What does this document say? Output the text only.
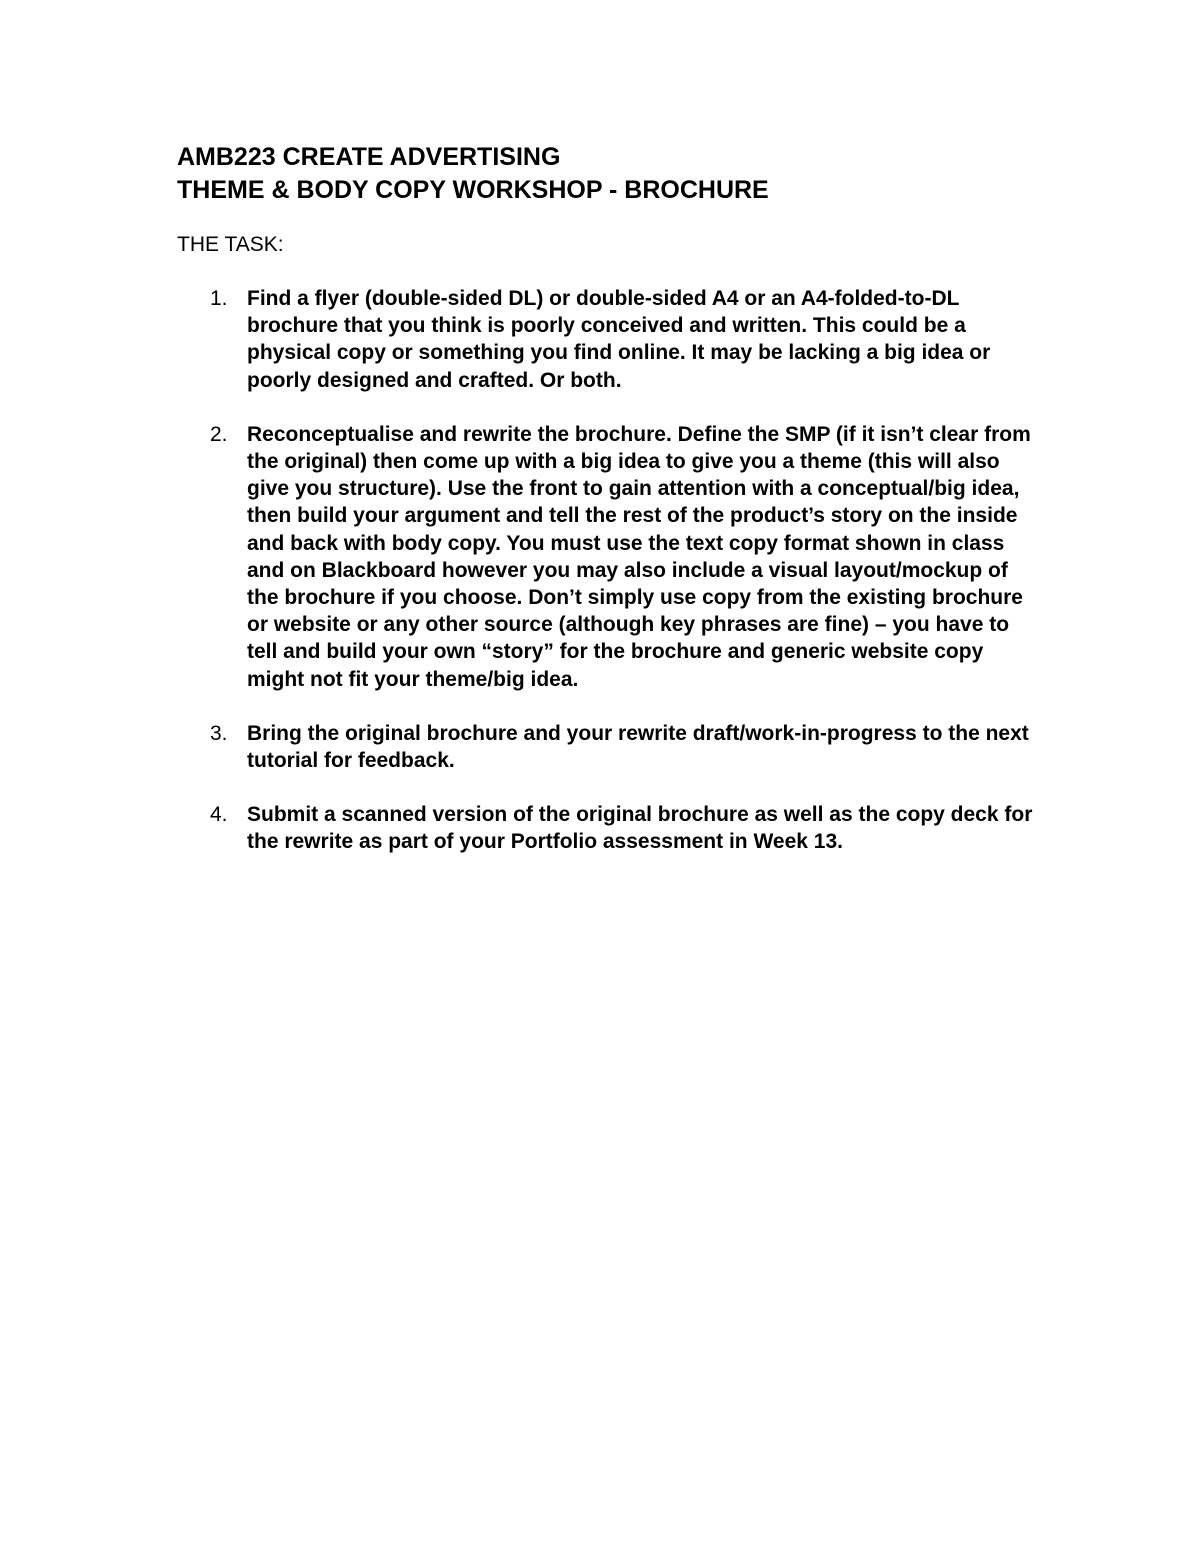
AMB223 CREATE ADVERTISING
THEME & BODY COPY WORKSHOP - BROCHURE

THE TASK:

1. Find a flyer (double-sided DL) or double-sided A4 or an A4-folded-to-DL brochure that you think is poorly conceived and written. This could be a physical copy or something you find online. It may be lacking a big idea or poorly designed and crafted. Or both.
2. Reconceptualise and rewrite the brochure. Define the SMP (if it isn’t clear from the original) then come up with a big idea to give you a theme (this will also give you structure). Use the front to gain attention with a conceptual/big idea, then build your argument and tell the rest of the product’s story on the inside and back with body copy. You must use the text copy format shown in class and on Blackboard however you may also include a visual layout/mockup of the brochure if you choose. Don’t simply use copy from the existing brochure or website or any other source (although key phrases are fine) – you have to tell and build your own “story” for the brochure and generic website copy might not fit your theme/big idea.
3. Bring the original brochure and your rewrite draft/work-in-progress to the next tutorial for feedback.
4. Submit a scanned version of the original brochure as well as the copy deck for the rewrite as part of your Portfolio assessment in Week 13.
